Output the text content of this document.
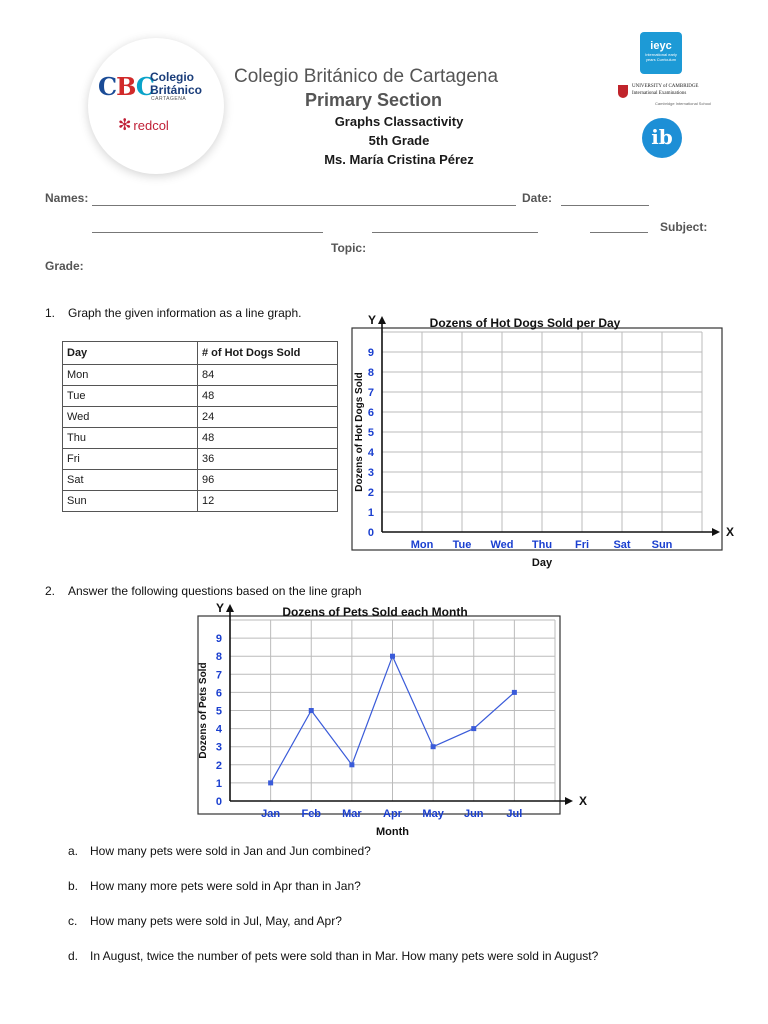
CBC
Colegio
Británico
CARTAGENA
✻ redcol
Colegio Británico de Cartagena
Primary Section
Graphs Classactivity
5th Grade
Ms. María Cristina Pérez
ieyc
International early years Curriculum
UNIVERSITY of CAMBRIDGE
International Examinations
Cambridge International School
ib
Names:	Date:
Subject:
Topic:
Grade:
1. Graph the given information as a line graph.
Day	# of Hot Dogs Sold
Mon	84
Tue	48
Wed	24
Thu	48
Fri	36
Sat	96
Sun	12
X
Y	Dozens of Hot Dogs Sold per Day
0
1
2
3
4
5
6
7
8
9
Mon Tue Wed Thu Fri Sat Sun
Day
Dozens of Hot Dogs Sold
2. Answer the following questions based on the line graph
X
Y	Dozens of Pets Sold each Month
0
1
2
3
4
5
6
7
8
9
Jan Feb Mar Apr May Jun Jul
Month
Dozens of Pets Sold
a. How many pets were sold in Jan and Jun combined?
b. How many more pets were sold in Apr than in Jan?
c. How many pets were sold in Jul, May, and Apr?
d. In August, twice the number of pets were sold than in Mar. How many pets were sold in August?
